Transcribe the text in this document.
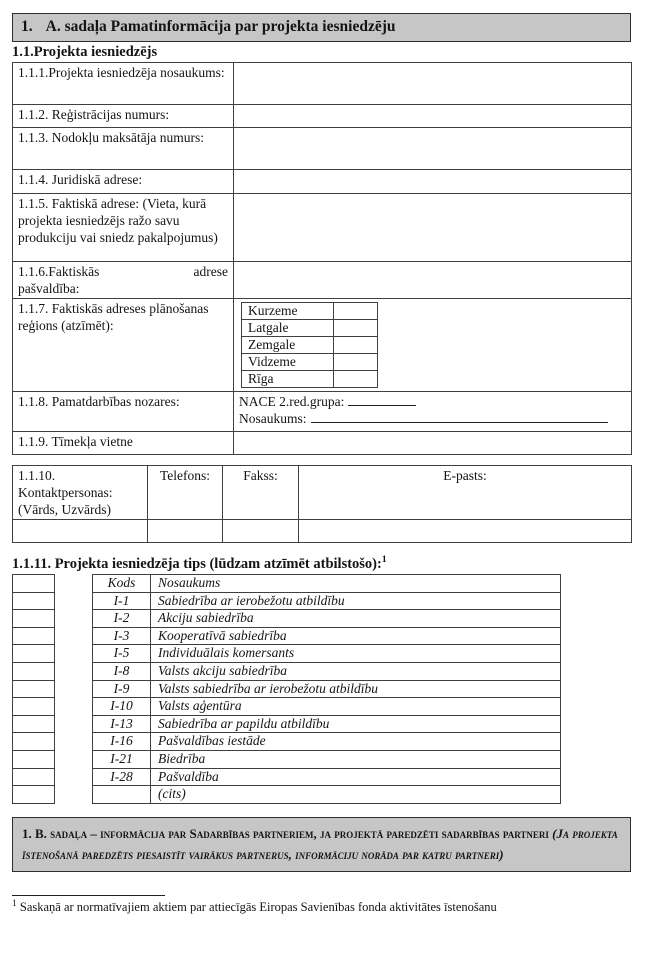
1. A. sadaļa Pamatinformācija par projekta iesniedzēju
1.1.Projekta iesniedzējs
1.1.1.Projekta iesniedzēja nosaukums:	
1.1.2. Reģistrācijas numurs:	
1.1.3. Nodokļu maksātāja numurs:	
1.1.4. Juridiskā adrese:	
1.1.5. Faktiskā adrese: (Vieta, kurā projekta iesniedzējs ražo savu produkciju vai sniedz pakalpojumus)	

1.1.6.Faktiskās	adrese
pašvaldība:	
1.1.7. Faktiskās adreses plānošanas reģions (atzīmēt):	
Kurzeme	
Latgale	
Zemgale	
Vidzeme	
Rīga	

1.1.8. Pamatdarbības nozares:	NACE 2.red.grupa:
Nosaukums:
1.1.9. Tīmekļa vietne	
1.1.10. Kontaktpersonas: (Vārds, Uzvārds)	Telefons:	Fakss:	E-pasts:

1.1.11. Projekta iesniedzēja tips (lūdzam atzīmēt atbilstošo):$^1$

Kods	Nosaukums
I-1	Sabiedrība ar ierobežotu atbildību
I-2	Akciju sabiedrība
I-3	Kooperatīvā sabiedrība
I-5	Individuālais komersants
I-8	Valsts akciju sabiedrība
I-9	Valsts sabiedrība ar ierobežotu atbildību
I-10	Valsts aģentūra
I-13	Sabiedrība ar papildu atbildību
I-16	Pašvaldības iestāde
I-21	Biedrība
I-28	Pašvaldība
	(cits)
1. B. sadaļa – informācija par Sadarbības partneriem, ja projektā paredzēti sadarbības partneri (Ja projekta īstenošanā paredzēts piesaistīt vairākus partnerus, informāciju norāda par katru partneri)
$^1$ Saskaņā ar normatīvajiem aktiem par attiecīgās Eiropas Savienības fonda aktivitātes īstenošanu
